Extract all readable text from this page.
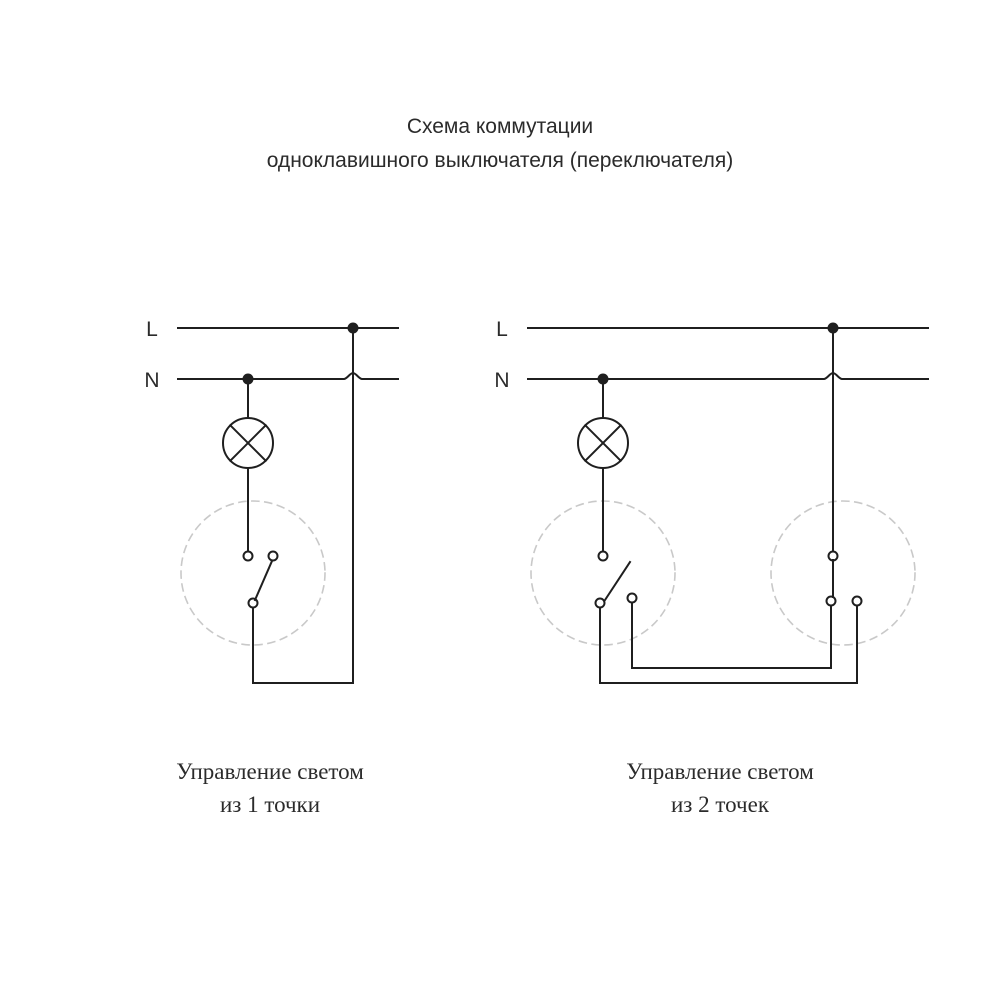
Схема коммутации
одноклавишного выключателя (переключателя)
L
N
L
N
Управление светом
из 1 точки
Управление светом
из 2 точек
